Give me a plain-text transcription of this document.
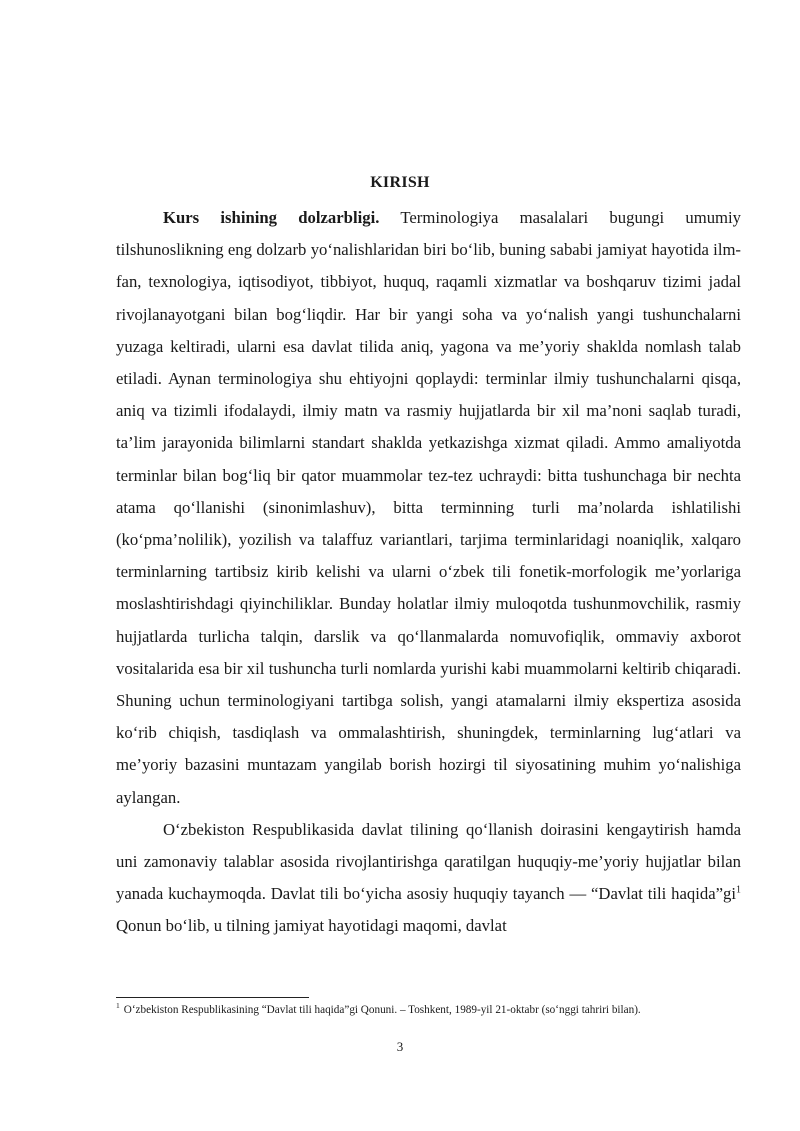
KIRISH

Kurs ishining dolzarbligi. Terminologiya masalalari bugungi umumiy tilshunoslikning eng dolzarb yo‘nalishlaridan biri bo‘lib, buning sababi jamiyat hayotida ilm-fan, texnologiya, iqtisodiyot, tibbiyot, huquq, raqamli xizmatlar va boshqaruv tizimi jadal rivojlanayotgani bilan bog‘liqdir. Har bir yangi soha va yo‘nalish yangi tushunchalarni yuzaga keltiradi, ularni esa davlat tilida aniq, yagona va me’yoriy shaklda nomlash talab etiladi. Aynan terminologiya shu ehtiyojni qoplaydi: terminlar ilmiy tushunchalarni qisqa, aniq va tizimli ifodalaydi, ilmiy matn va rasmiy hujjatlarda bir xil ma’noni saqlab turadi, ta’lim jarayonida bilimlarni standart shaklda yetkazishga xizmat qiladi. Ammo amaliyotda terminlar bilan bog‘liq bir qator muammolar tez-tez uchraydi: bitta tushunchaga bir nechta atama qo‘llanishi (sinonimlashuv), bitta terminning turli ma’nolarda ishlatilishi (ko‘pma’nolilik), yozilish va talaffuz variantlari, tarjima terminlaridagi noaniqlik, xalqaro terminlarning tartibsiz kirib kelishi va ularni o‘zbek tili fonetik-morfologik me’yorlariga moslashtirishdagi qiyinchiliklar. Bunday holatlar ilmiy muloqotda tushunmovchilik, rasmiy hujjatlarda turlicha talqin, darslik va qo‘llanmalarda nomuvofiqlik, ommaviy axborot vositalarida esa bir xil tushuncha turli nomlarda yurishi kabi muammolarni keltirib chiqaradi. Shuning uchun terminologiyani tartibga solish, yangi atamalarni ilmiy ekspertiza asosida ko‘rib chiqish, tasdiqlash va ommalashtirish, shuningdek, terminlarning lug‘atlari va me’yoriy bazasini muntazam yangilab borish hozirgi til siyosatining muhim yo‘nalishiga aylangan.

O‘zbekiston Respublikasida davlat tilining qo‘llanish doirasini kengaytirish hamda uni zamonaviy talablar asosida rivojlantirishga qaratilgan huquqiy-me’yoriy hujjatlar bilan yanada kuchaymoqda. Davlat tili bo‘yicha asosiy huquqiy tayanch — “Davlat tili $haqida”gi^1$ Qonun bo‘lib, u tilning jamiyat hayotidagi maqomi, davlat

$^1$ O‘zbekiston Respublikasining “Davlat tili haqida”gi Qonuni. – Toshkent, 1989-yil 21-oktabr (so‘nggi tahriri bilan).
3
